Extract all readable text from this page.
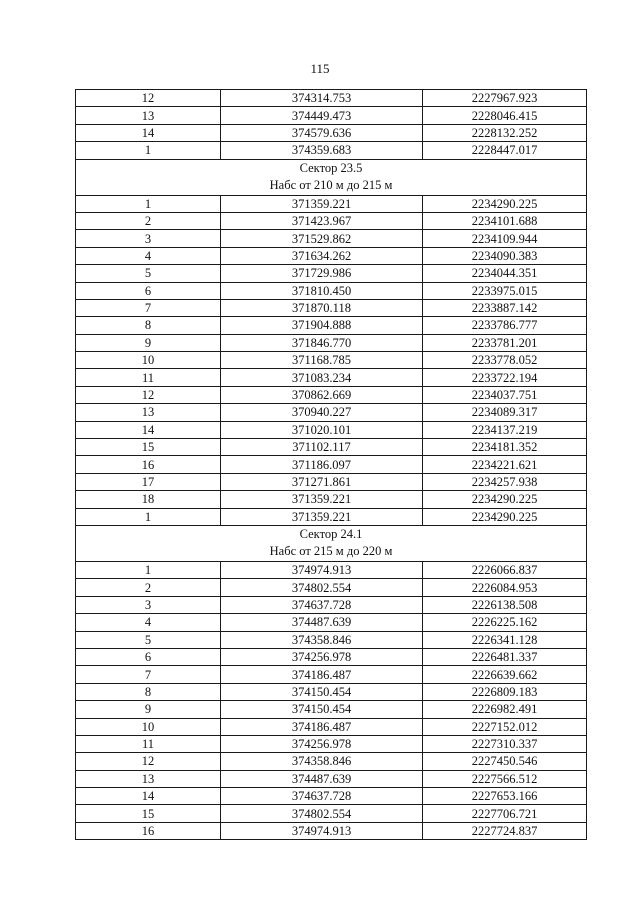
115
12	374314.753	2227967.923
13	374449.473	2228046.415
14	374579.636	2228132.252
1	374359.683	2228447.017

Сектор 23.5
Набс от 210 м до 215 м		

1	371359.221	2234290.225
2	371423.967	2234101.688
3	371529.862	2234109.944
4	371634.262	2234090.383
5	371729.986	2234044.351
6	371810.450	2233975.015
7	371870.118	2233887.142
8	371904.888	2233786.777
9	371846.770	2233781.201
10	371168.785	2233778.052
11	371083.234	2233722.194
12	370862.669	2234037.751
13	370940.227	2234089.317
14	371020.101	2234137.219
15	371102.117	2234181.352
16	371186.097	2234221.621
17	371271.861	2234257.938
18	371359.221	2234290.225
1	371359.221	2234290.225

Сектор 24.1
Набс от 215 м до 220 м		

1	374974.913	2226066.837
2	374802.554	2226084.953
3	374637.728	2226138.508
4	374487.639	2226225.162
5	374358.846	2226341.128
6	374256.978	2226481.337
7	374186.487	2226639.662
8	374150.454	2226809.183
9	374150.454	2226982.491
10	374186.487	2227152.012
11	374256.978	2227310.337
12	374358.846	2227450.546
13	374487.639	2227566.512
14	374637.728	2227653.166
15	374802.554	2227706.721
16	374974.913	2227724.837
